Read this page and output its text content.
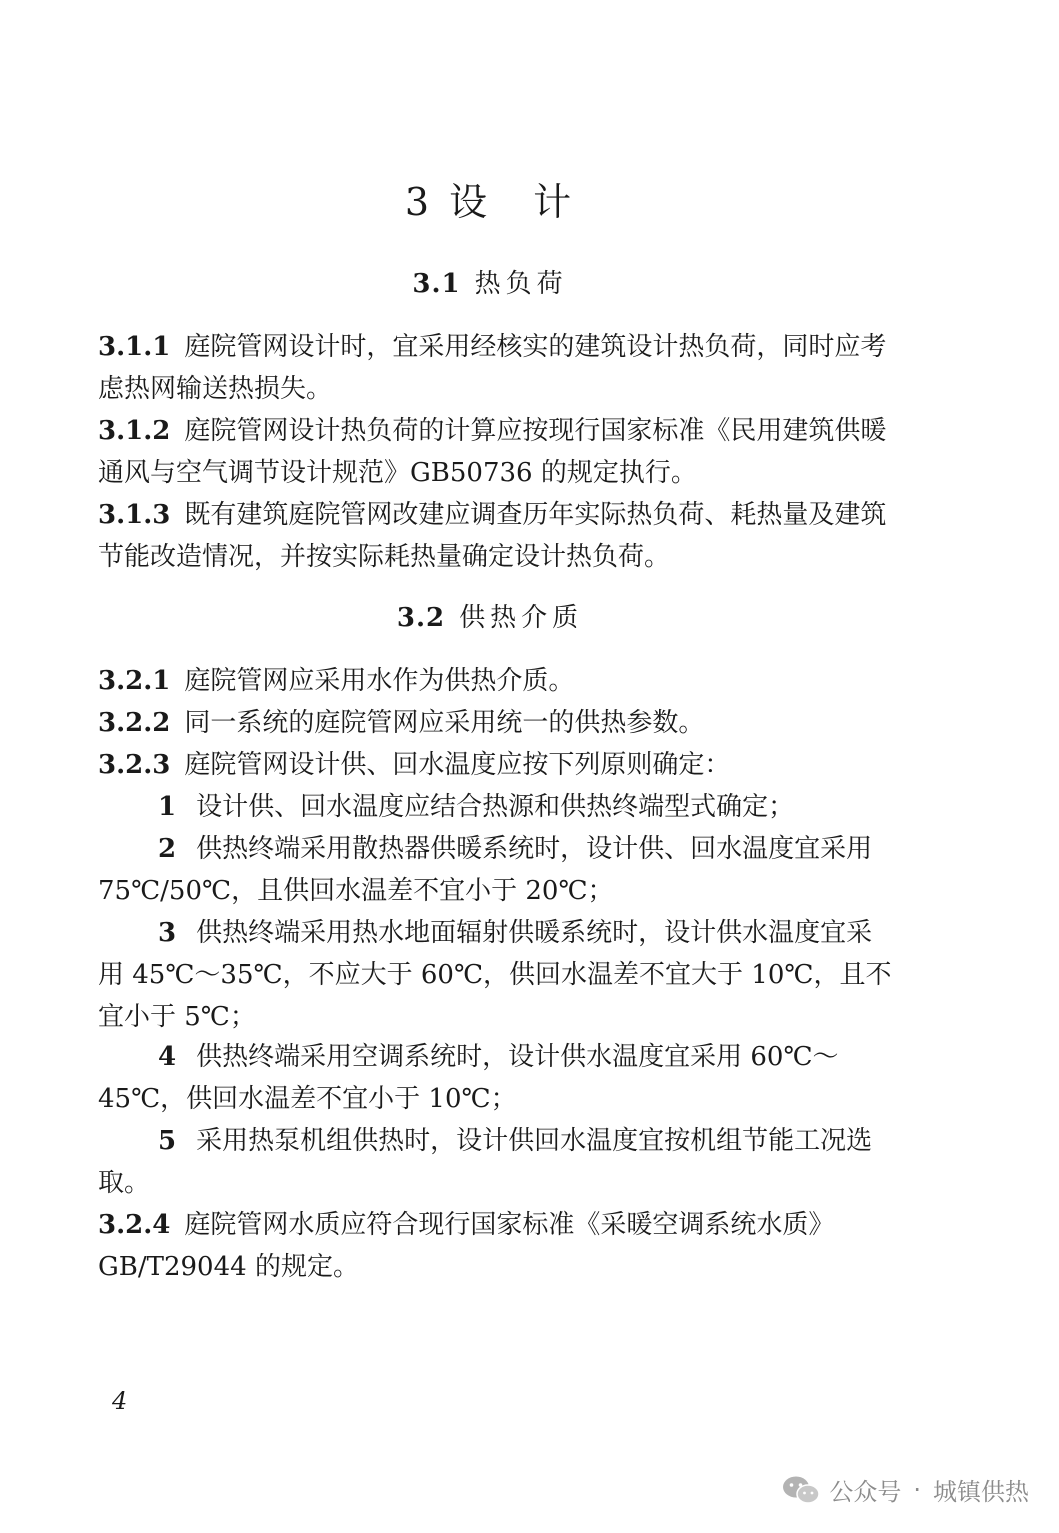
3 设　计
3.1 热负荷
3.1.1 庭院管网设计时，宜采用经核实的建筑设计热负荷，同时应考虑热网输送热损失。
3.1.2 庭院管网设计热负荷的计算应按现行国家标准《民用建筑供暖通风与空气调节设计规范》GB50736 的规定执行。
3.1.3 既有建筑庭院管网改建应调查历年实际热负荷、耗热量及建筑节能改造情况，并按实际耗热量确定设计热负荷。
3.2 供热介质
3.2.1 庭院管网应采用水作为供热介质。
3.2.2 同一系统的庭院管网应采用统一的供热参数。
3.2.3 庭院管网设计供、回水温度应按下列原则确定：
1 设计供、回水温度应结合热源和供热终端型式确定；
2 供热终端采用散热器供暖系统时，设计供、回水温度宜采用 75℃/50℃，且供回水温差不宜小于 20℃；
3 供热终端采用热水地面辐射供暖系统时，设计供水温度宜采用 45℃～35℃，不应大于 60℃，供回水温差不宜大于 10℃，且不宜小于 5℃；
4 供热终端采用空调系统时，设计供水温度宜采用 60℃～45℃，供回水温差不宜小于 10℃；
5 采用热泵机组供热时，设计供回水温度宜按机组节能工况选取。
3.2.4 庭院管网水质应符合现行国家标准《采暖空调系统水质》GB/T29044 的规定。
4
公众号 · 城镇供热
